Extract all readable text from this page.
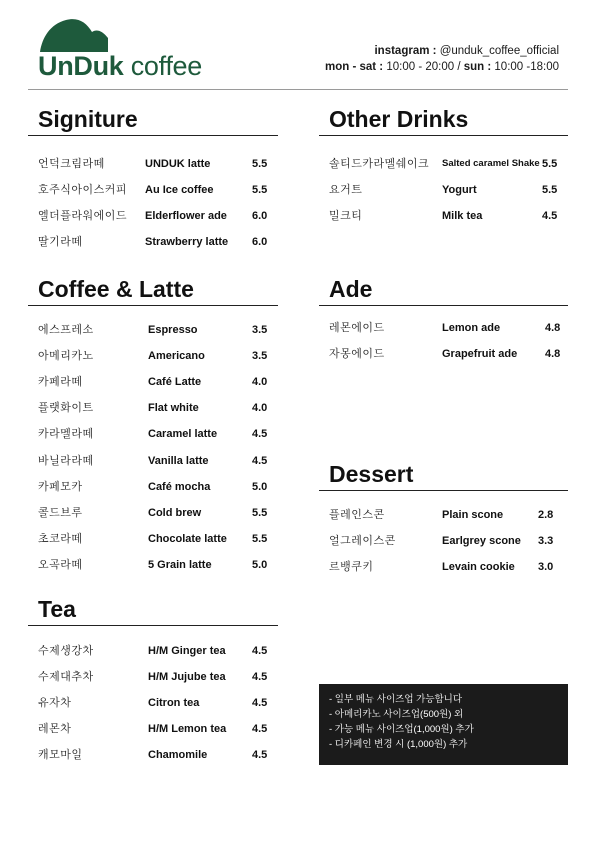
UnDuk coffee	instagram : @unduk_coffee_official
mon - sat : 10:00 - 20:00 / sun : 10:00 -18:00
Signiture
언덕크림라떼	UNDUK latte	5.5
호주식아이스커피 Au Ice coffee	5.5
엘더플라워에이드 Elderflower ade 6.0
딸기라떼	Strawberry latte 6.0
Coffee & Latte
에스프레소	Espresso	3.5
아메리카노	Americano	3.5
카페라떼	Café Latte	4.0
플랫화이트	Flat white	4.0
카라멜라떼	Caramel latte	4.5
바닐라라떼	Vanilla latte	4.5
카페모카	Café mocha	5.0
콜드브루	Cold brew	5.5
초코라떼	Chocolate latte 5.5
오곡라떼	5 Grain latte	5.0
Tea
수제생강차	H/M Ginger tea 4.5
수제대추차	H/M Jujube tea 4.5
유자차	Citron tea	4.5
레몬차	H/M Lemon tea 4.5
캐모마일	Chamomile	4.5
Other Drinks
솔티드카라멜쉐이크 Salted caramel Shake 5.5
요거트	Yogurt	5.5
밀크티	Milk tea	4.5
Ade
레몬에이드	Lemon ade	4.8
자몽에이드	Grapefruit ade	4.8
Dessert
플레인스콘	Plain scone	2.8
얼그레이스콘	Earlgrey scone 3.3
르뱅쿠키	Levain cookie 3.0
- 일부 메뉴 사이즈업 가능합니다
- 아메리카노 사이즈업(500원) 외
- 가능 메뉴 사이즈업(1,000원) 추가
- 디카페인 변경 시 (1,000원) 추가
